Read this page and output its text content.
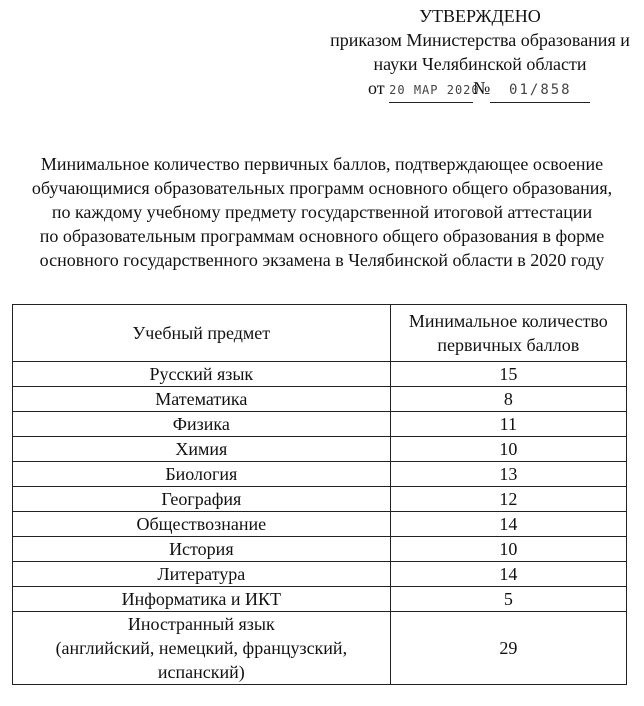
УТВЕРЖДЕНО
приказом Министерства образования и
науки Челябинской области
от 20 МАР 2020№ 01/858
Минимальное количество первичных баллов, подтверждающее освоение
обучающимися образовательных программ основного общего образования,
по каждому учебному предмету государственной итоговой аттестации
по образовательным программам основного общего образования в форме
основного государственного экзамена в Челябинской области в 2020 году
Учебный предмет	Минимальное количество
первичных баллов
Русский язык	15
Математика	8
Физика	11
Химия	10
Биология	13
География	12
Обществознание	14
История	10
Литература	14
Информатика и ИКТ	5
Иностранный язык
(английский, немецкий, французский,
испанский)	29
